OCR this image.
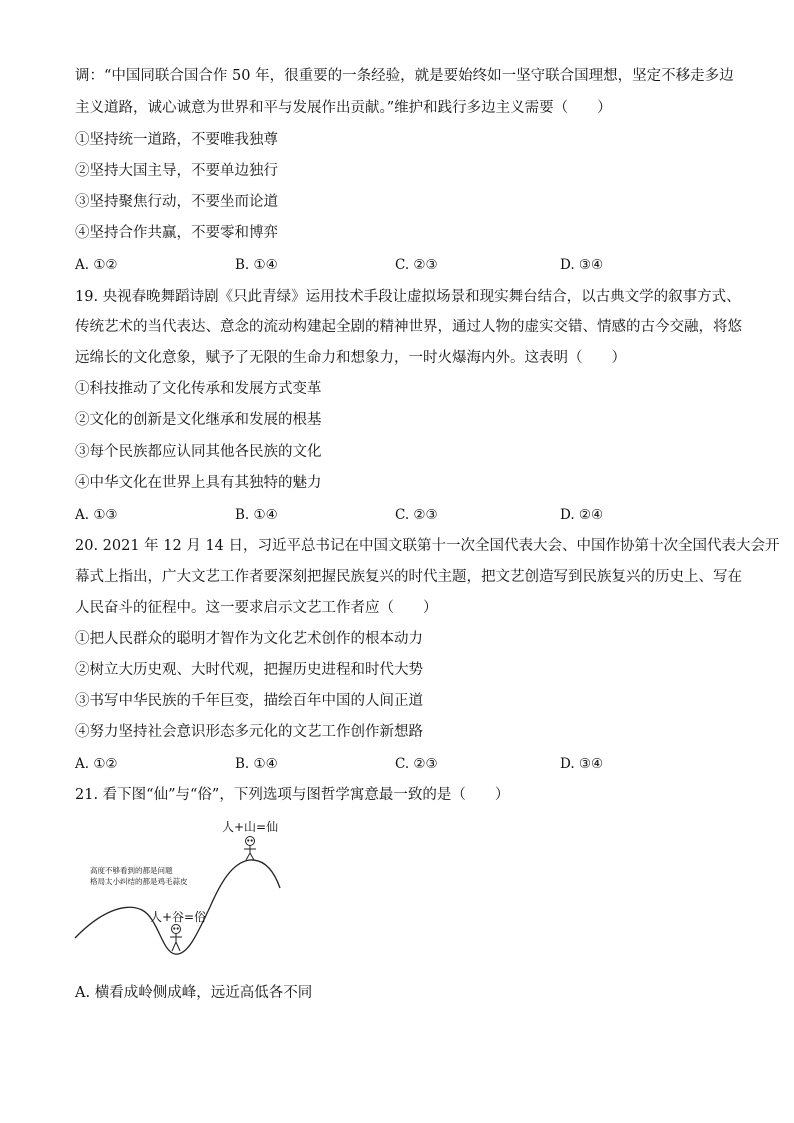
调：“中国同联合国合作 50 年，很重要的一条经验，就是要始终如一坚守联合国理想，坚定不移走多边
主义道路，诚心诚意为世界和平与发展作出贡献。”维护和践行多边主义需要（　　）
①坚持统一道路，不要唯我独尊
②坚持大国主导，不要单边独行
③坚持聚焦行动，不要坐而论道
④坚持合作共赢，不要零和博弈
A. ①②	B. ①④	C. ②③	D. ③④
19. 央视春晚舞蹈诗剧《只此青绿》运用技术手段让虚拟场景和现实舞台结合，以古典文学的叙事方式、
传统艺术的当代表达、意念的流动构建起全剧的精神世界，通过人物的虚实交错、情感的古今交融，将悠
远绵长的文化意象，赋予了无限的生命力和想象力，一时火爆海内外。这表明（　　）
①科技推动了文化传承和发展方式变革
②文化的创新是文化继承和发展的根基
③每个民族都应认同其他各民族的文化
④中华文化在世界上具有其独特的魅力
A. ①③	B. ①④	C. ②③	D. ②④
20. 2021 年 12 月 14 日，习近平总书记在中国文联第十一次全国代表大会、中国作协第十次全国代表大会开
幕式上指出，广大文艺工作者要深刻把握民族复兴的时代主题，把文艺创造写到民族复兴的历史上、写在
人民奋斗的征程中。这一要求启示文艺工作者应（　　）
①把人民群众的聪明才智作为文化艺术创作的根本动力
②树立大历史观、大时代观，把握历史进程和时代大势
③书写中华民族的千年巨变，描绘百年中国的人间正道
④努力坚持社会意识形态多元化的文艺工作创作新想路
A. ①②	B. ①④	C. ②③	D. ③④
21. 看下图“仙”与“俗”，下列选项与图哲学寓意最一致的是（　　）
人+山=仙
高度不够看到的都是问题
格局太小纠结的都是鸡毛蒜皮
人+谷=俗
A. 横看成岭侧成峰，远近高低各不同
